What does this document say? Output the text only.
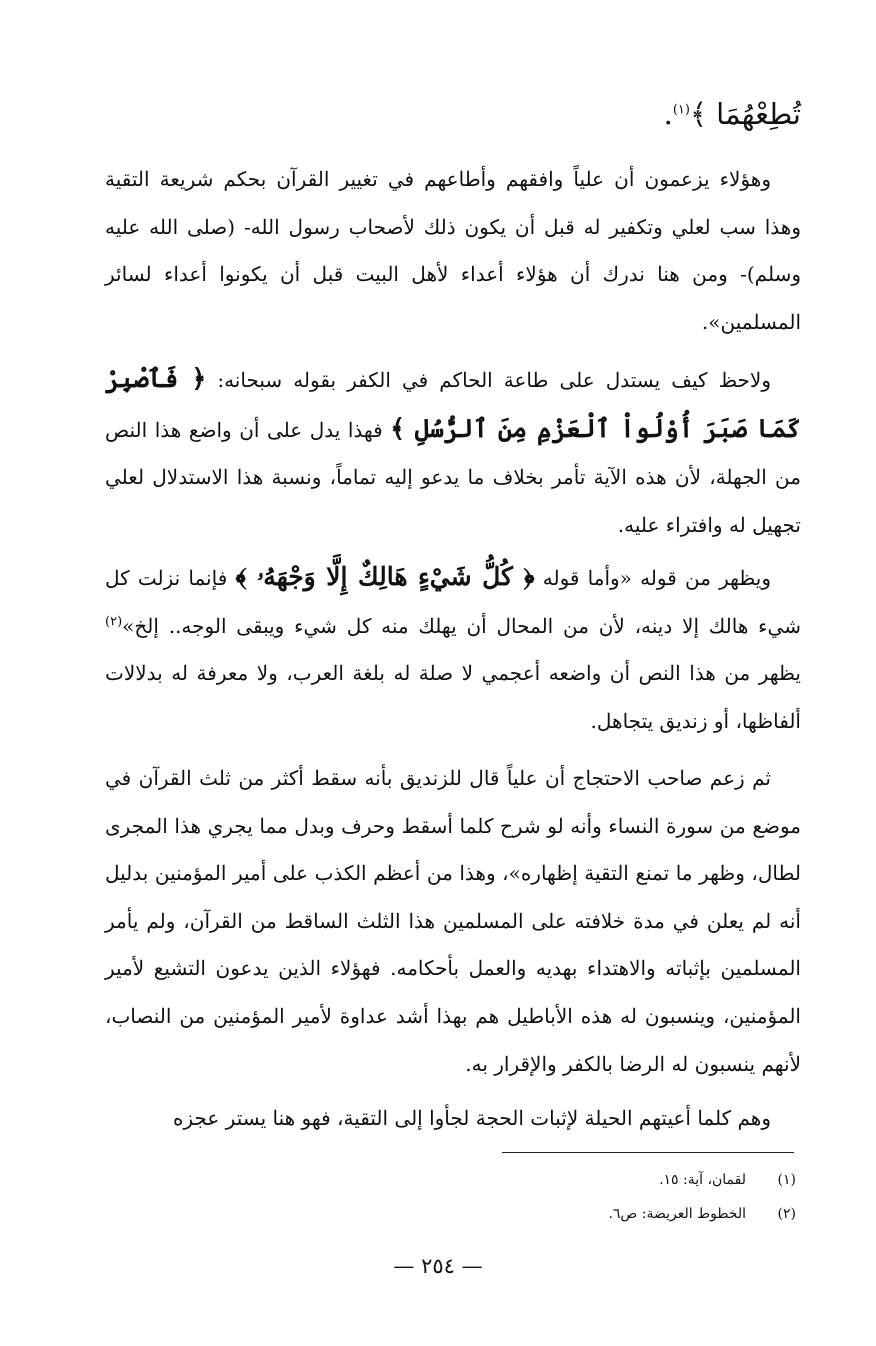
تُطِعْهُمَا ﴾$^{(١)}$.

وهؤلاء يزعمون أن علياً وافقهم وأطاعهم في تغيير القرآن بحكم شريعة التقية وهذا سب لعلي وتكفير له قبل أن يكون ذلك لأصحاب رسول الله- (صلى الله عليه وسلم)- ومن هنا ندرك أن هؤلاء أعداء لأهل البيت قبل أن يكونوا أعداء لسائر المسلمين».

ولاحظ كيف يستدل على طاعة الحاكم في الكفر بقوله سبحانه: ﴿ فَٱصْبِرْ كَمَا صَبَرَ أُوْلُواْ ٱلْعَزْمِ مِنَ ٱلرُّسُلِ ﴾ فهذا يدل على أن واضع هذا النص من الجهلة، لأن هذه الآية تأمر بخلاف ما يدعو إليه تماماً، ونسبة هذا الاستدلال لعلي تجهيل له وافتراء عليه.

ويظهر من قوله «وأما قوله ﴿ كُلُّ شَيْءٍ هَالِكٌ إِلَّا وَجْهَهُۥ ﴾ فإنما نزلت كل شيء هالك إلا دينه، لأن من المحال أن يهلك منه كل شيء ويبقى الوجه.. إلخ»$^{(٢)}$ يظهر من هذا النص أن واضعه أعجمي لا صلة له بلغة العرب، ولا معرفة له بدلالات ألفاظها، أو زنديق يتجاهل.

ثم زعم صاحب الاحتجاج أن علياً قال للزنديق بأنه سقط أكثر من ثلث القرآن في موضع من سورة النساء وأنه لو شرح كلما أسقط وحرف وبدل مما يجري هذا المجرى لطال، وظهر ما تمنع التقية إظهاره»، وهذا من أعظم الكذب على أمير المؤمنين بدليل أنه لم يعلن في مدة خلافته على المسلمين هذا الثلث الساقط من القرآن، ولم يأمر المسلمين بإثباته والاهتداء بهديه والعمل بأحكامه. فهؤلاء الذين يدعون التشيع لأمير المؤمنين، وينسبون له هذه الأباطيل هم بهذا أشد عداوة لأمير المؤمنين من النصاب، لأنهم ينسبون له الرضا بالكفر والإقرار به.

وهم كلما أعيتهم الحيلة لإثبات الحجة لجأوا إلى التقية، فهو هنا يستر عجزه

(١)
لقمان، آية: ١٥.
(٢)
الخطوط العريضة: ص٦.
— ٢٥٤ —
